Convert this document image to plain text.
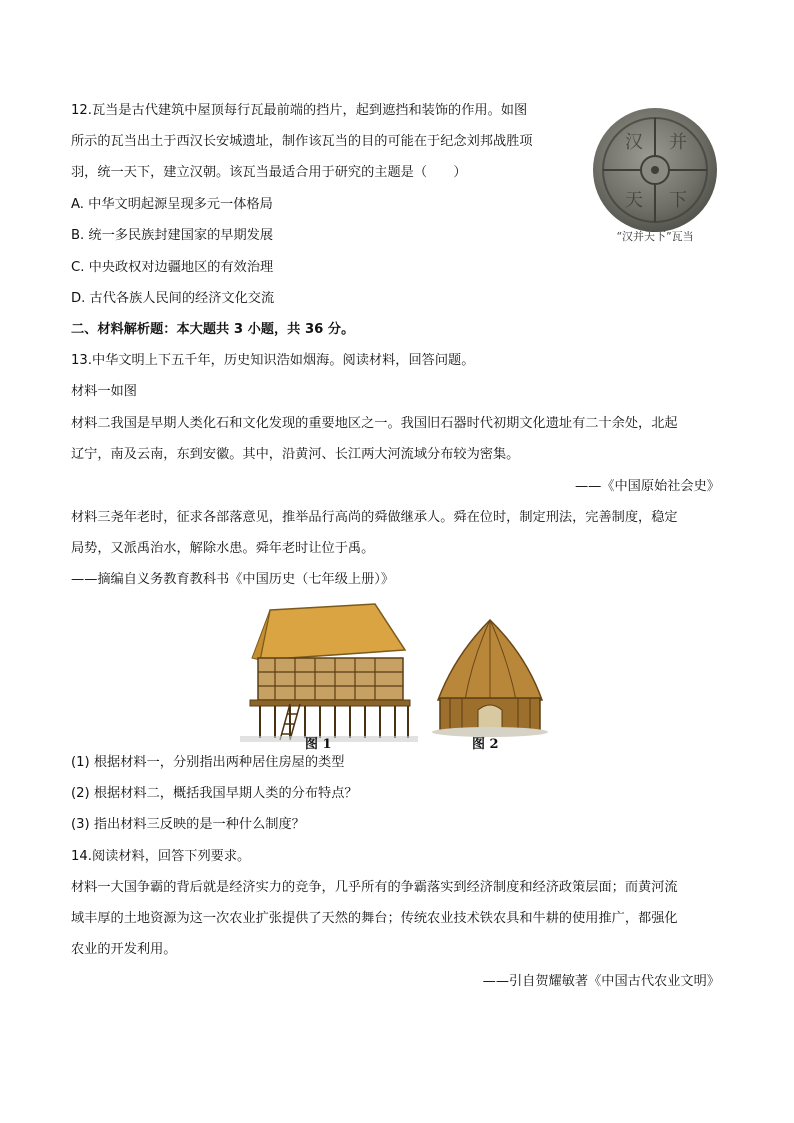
12.瓦当是古代建筑中屋顶每行瓦最前端的挡片，起到遮挡和装饰的作用。如图
所示的瓦当出土于西汉长安城遗址，制作该瓦当的目的可能在于纪念刘邦战胜项
羽，统一天下，建立汉朝。该瓦当最适合用于研究的主题是（　　）
A. 中华文明起源呈现多元一体格局
B. 统一多民族封建国家的早期发展
C. 中央政权对边疆地区的有效治理
D. 古代各族人民间的经济文化交流
汉 并
天 下
“汉并天下”瓦当
二、材料解析题：本大题共 3 小题，共 36 分。
13.中华文明上下五千年，历史知识浩如烟海。阅读材料，回答问题。
材料一如图
材料二我国是早期人类化石和文化发现的重要地区之一。我国旧石器时代初期文化遗址有二十余处，北起
辽宁，南及云南，东到安徽。其中，沿黄河、长江两大河流域分布较为密集。
——《中国原始社会史》
材料三尧年老时，征求各部落意见，推举品行高尚的舜做继承人。舜在位时，制定刑法，完善制度，稳定
局势，又派禹治水，解除水患。舜年老时让位于禹。
——摘编自义务教育教科书《中国历史（七年级上册）》
图 1	图 2
(1) 根据材料一，分别指出两种居住房屋的类型
(2) 根据材料二，概括我国早期人类的分布特点？
(3) 指出材料三反映的是一种什么制度？
14.阅读材料，回答下列要求。
材料一大国争霸的背后就是经济实力的竞争，几乎所有的争霸落实到经济制度和经济政策层面；而黄河流
域丰厚的土地资源为这一次农业扩张提供了天然的舞台；传统农业技术铁农具和牛耕的使用推广，都强化
农业的开发利用。
——引自贺耀敏著《中国古代农业文明》
